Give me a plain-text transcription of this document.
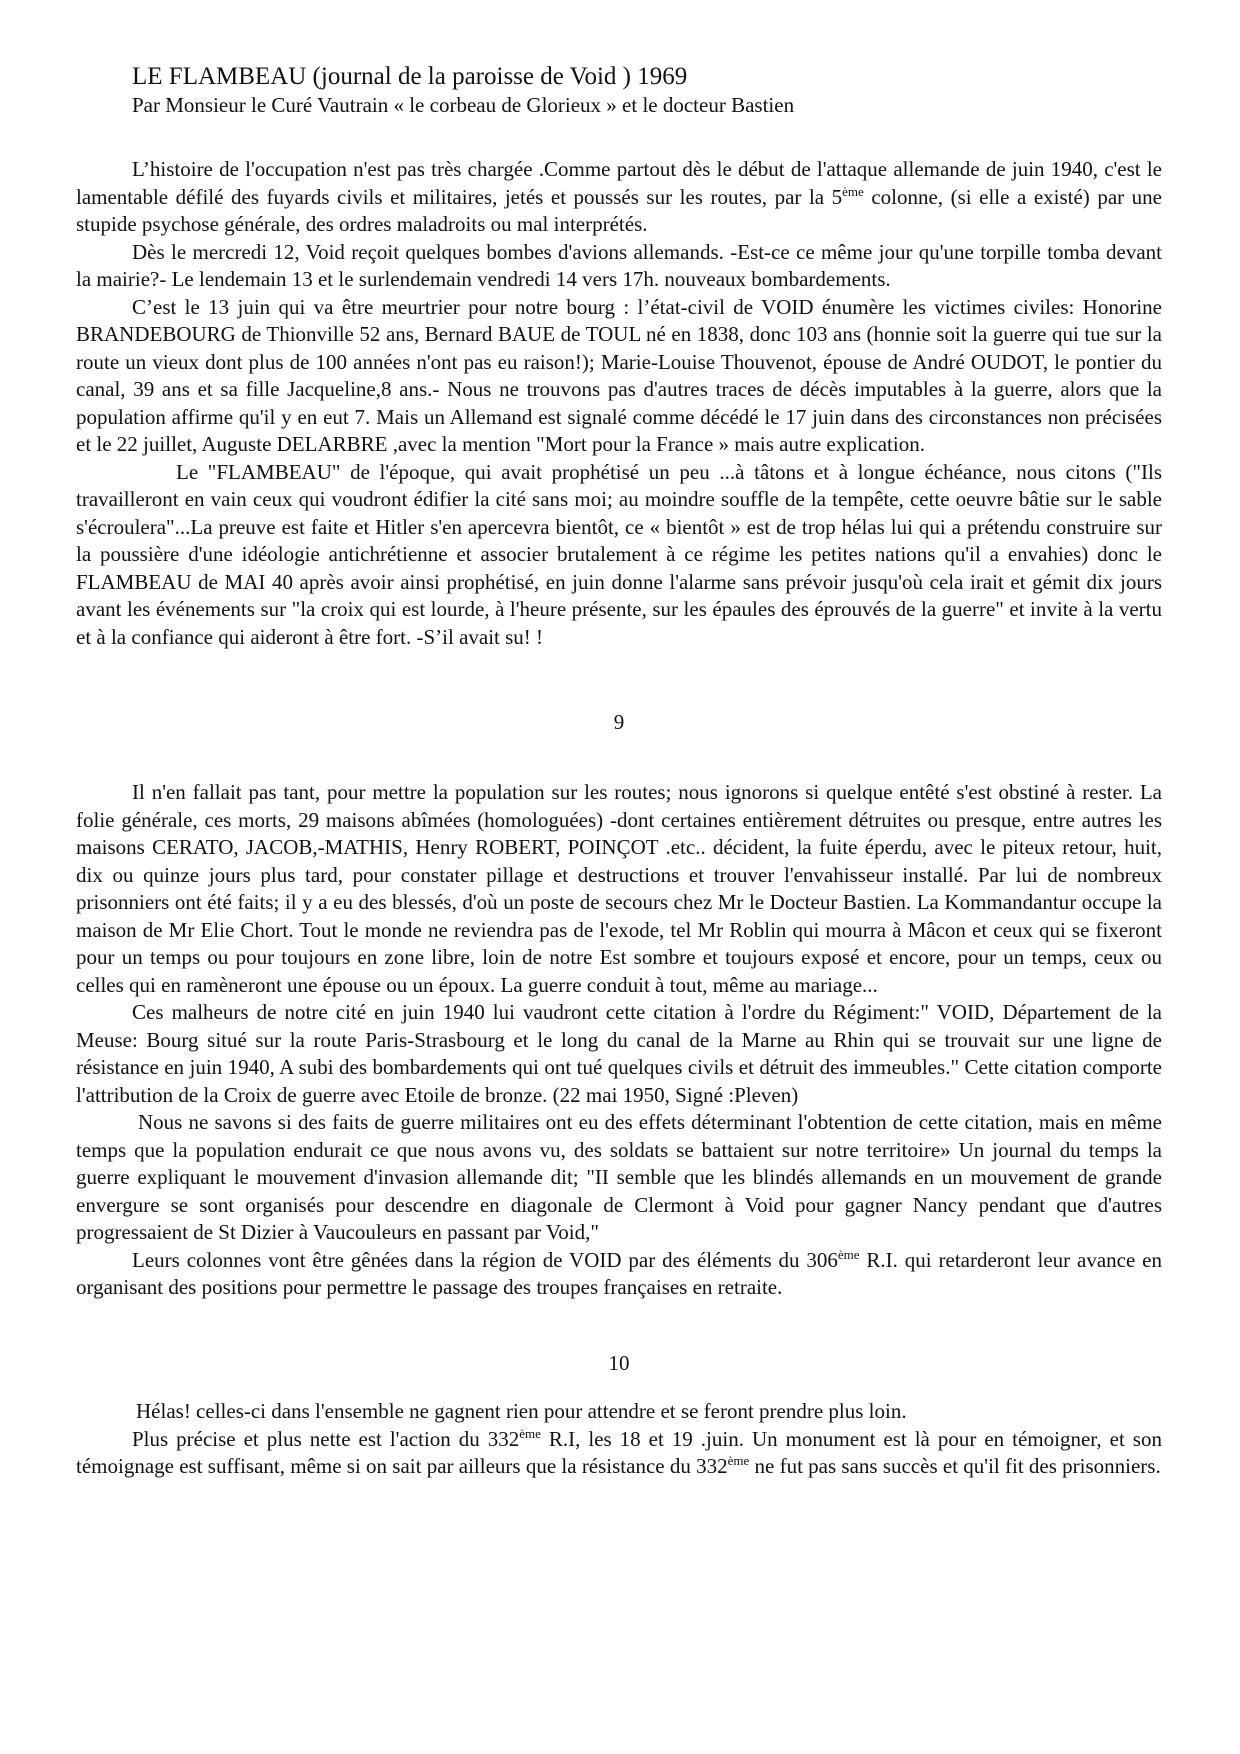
LE FLAMBEAU (journal de la paroisse de Void ) 1969
Par Monsieur le Curé Vautrain « le corbeau de Glorieux » et le docteur Bastien

L’histoire de l'occupation n'est pas très chargée .Comme partout dès le début de l'attaque allemande de juin 1940, c'est le lamentable défilé des fuyards civils et militaires, jetés et poussés sur les routes, par la 5ème colonne, (si elle a existé) par une stupide psychose générale, des ordres maladroits ou mal interprétés.

Dès le mercredi 12, Void reçoit quelques bombes d'avions allemands. -Est-ce ce même jour qu'une torpille tomba devant la mairie?- Le lendemain 13 et le surlendemain vendredi 14 vers 17h. nouveaux bombardements.

C’est le 13 juin qui va être meurtrier pour notre bourg : l’état-civil de VOID énumère les victimes civiles: Honorine BRANDEBOURG de Thionville 52 ans, Bernard BAUE de TOUL né en 1838, donc 103 ans (honnie soit la guerre qui tue sur la route un vieux dont plus de 100 années n'ont pas eu raison!); Marie-Louise Thouvenot, épouse de André OUDOT, le pontier du canal, 39 ans et sa fille Jacqueline,8 ans.- Nous ne trouvons pas d'autres traces de décès imputables à la guerre, alors que la population affirme qu'il y en eut 7. Mais un Allemand est signalé comme décédé le 17 juin dans des circonstances non précisées et le 22 juillet, Auguste DELARBRE ,avec la mention "Mort pour la France » mais autre explication.

Le "FLAMBEAU" de l'époque, qui avait prophétisé un peu ...à tâtons et à longue échéance, nous citons ("Ils travailleront en vain ceux qui voudront édifier la cité sans moi; au moindre souffle de la tempête, cette oeuvre bâtie sur le sable s'écroulera"...La preuve est faite et Hitler s'en apercevra bientôt, ce « bientôt » est de trop hélas lui qui a prétendu construire sur la poussière d'une idéologie antichrétienne et associer brutalement à ce régime les petites nations qu'il a envahies) donc le FLAMBEAU de MAI 40 après avoir ainsi prophétisé, en juin donne l'alarme sans prévoir jusqu'où cela irait et gémit dix jours avant les événements sur "la croix qui est lourde, à l'heure présente, sur les épaules des éprouvés de la guerre" et invite à la vertu et à la confiance qui aideront à être fort. -S’il avait su! !

9

Il n'en fallait pas tant, pour mettre la population sur les routes; nous ignorons si quelque entêté s'est obstiné à rester. La folie générale, ces morts, 29 maisons abîmées (homologuées) -dont certaines entièrement détruites ou presque, entre autres les maisons CERATO, JACOB,-MATHIS, Henry ROBERT, POINÇOT .etc.. décident, la fuite éperdu, avec le piteux retour, huit, dix ou quinze jours plus tard, pour constater pillage et destructions et trouver l'envahisseur installé. Par lui de nombreux prisonniers ont été faits; il y a eu des blessés, d'où un poste de secours chez Mr le Docteur Bastien. La Kommandantur occupe la maison de Mr Elie Chort. Tout le monde ne reviendra pas de l'exode, tel Mr Roblin qui mourra à Mâcon et ceux qui se fixeront pour un temps ou pour toujours en zone libre, loin de notre Est sombre et toujours exposé et encore, pour un temps, ceux ou celles qui en ramèneront une épouse ou un époux. La guerre conduit à tout, même au mariage...

Ces malheurs de notre cité en juin 1940 lui vaudront cette citation à l'ordre du Régiment:" VOID, Département de la Meuse: Bourg situé sur la route Paris-Strasbourg et le long du canal de la Marne au Rhin qui se trouvait sur une ligne de résistance en juin 1940, A subi des bombardements qui ont tué quelques civils et détruit des immeubles." Cette citation comporte l'attribution de la Croix de guerre avec Etoile de bronze. (22 mai 1950, Signé :Pleven)

Nous ne savons si des faits de guerre militaires ont eu des effets déterminant l'obtention de cette citation, mais en même temps que la population endurait ce que nous avons vu, des soldats se battaient sur notre territoire» Un journal du temps la guerre expliquant le mouvement d'invasion allemande dit; "II semble que les blindés allemands en un mouvement de grande envergure se sont organisés pour descendre en diagonale de Clermont à Void pour gagner Nancy pendant que d'autres progressaient de St Dizier à Vaucouleurs en passant par Void,"

Leurs colonnes vont être gênées dans la région de VOID par des éléments du 306ème R.I. qui retarderont leur avance en organisant des positions pour permettre le passage des troupes françaises en retraite.

10

Hélas! celles-ci dans l'ensemble ne gagnent rien pour attendre et se feront prendre plus loin.

Plus précise et plus nette est l'action du 332ème R.I, les 18 et 19 .juin. Un monument est là pour en témoigner, et son témoignage est suffisant, même si on sait par ailleurs que la résistance du 332ème ne fut pas sans succès et qu'il fit des prisonniers.
